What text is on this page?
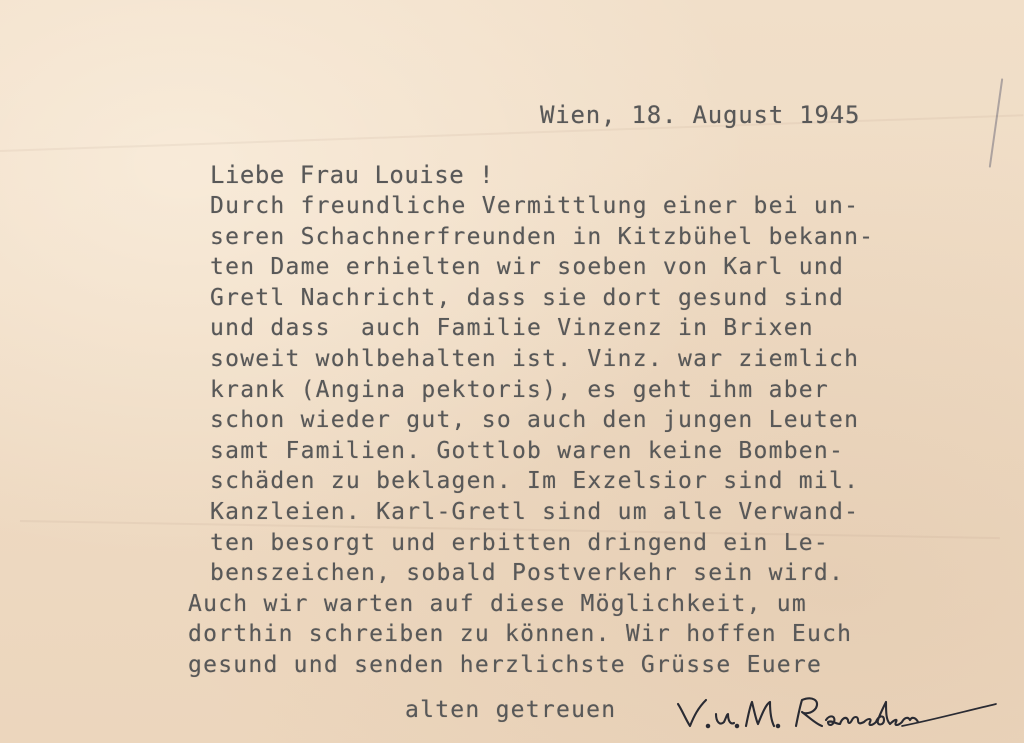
Wien, 18. August 1945

Liebe Frau Louise !

Durch freundliche Vermittlung einer bei un-
seren Schachnerfreunden in Kitzbühel bekann-
ten Dame erhielten wir soeben von Karl und
Gretl Nachricht, dass sie dort gesund sind
und dass  auch Familie Vinzenz in Brixen
soweit wohlbehalten ist. Vinz. war ziemlich
krank (Angina pektoris), es geht ihm aber
schon wieder gut, so auch den jungen Leuten
samt Familien. Gottlob waren keine Bomben-
schäden zu beklagen. Im Exzelsior sind mil.
Kanzleien. Karl-Gretl sind um alle Verwand-
ten besorgt und erbitten dringend ein Le-
benszeichen, sobald Postverkehr sein wird.
Auch wir warten auf diese Möglichkeit, um
dorthin schreiben zu können. Wir hoffen Euch
gesund und senden herzlichste Grüsse Euere
alten getreuen
